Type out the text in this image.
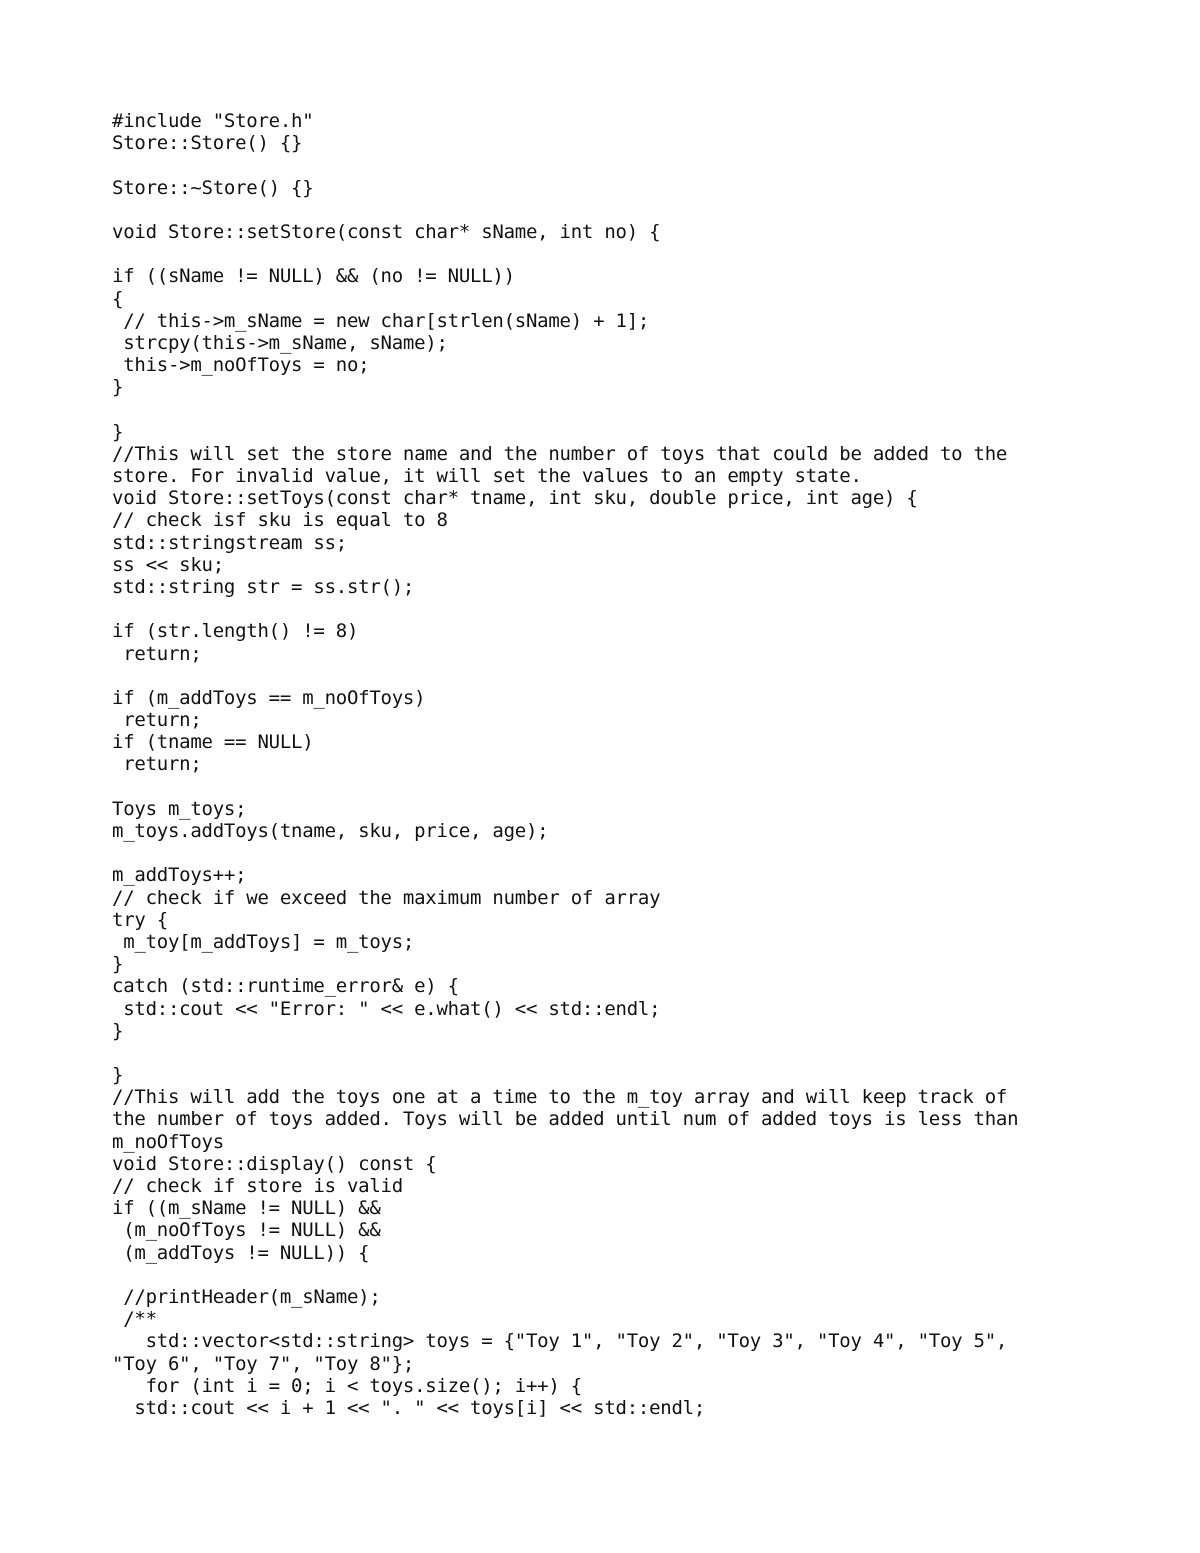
#include "Store.h"
Store::Store() {}
Store::~Store() {}
void Store::setStore(const char* sName, int no) {
if ((sName != NULL) && (no != NULL))
{
// this->m_sName = new char[strlen(sName) + 1];
strcpy(this->m_sName, sName);
this->m_noOfToys = no;
}
}
//This will set the store name and the number of toys that could be added to the
store. For invalid value, it will set the values to an empty state.
void Store::setToys(const char* tname, int sku, double price, int age) {
// check isf sku is equal to 8
std::stringstream ss;
ss << sku;
std::string str = ss.str();
if (str.length() != 8)
return;
if (m_addToys == m_noOfToys)
return;
if (tname == NULL)
return;
Toys m_toys;
m_toys.addToys(tname, sku, price, age);
m_addToys++;
// check if we exceed the maximum number of array
try {
m_toy[m_addToys] = m_toys;
}
catch (std::runtime_error& e) {
std::cout << "Error: " << e.what() << std::endl;
}
}
//This will add the toys one at a time to the m_toy array and will keep track of
the number of toys added. Toys will be added until num of added toys is less than
m_noOfToys
void Store::display() const {
// check if store is valid
if ((m_sName != NULL) &&
(m_noOfToys != NULL) &&
(m_addToys != NULL)) {
//printHeader(m_sName);
/**
std::vector<std::string> toys = {"Toy 1", "Toy 2", "Toy 3", "Toy 4", "Toy 5",
"Toy 6", "Toy 7", "Toy 8"};
for (int i = 0; i < toys.size(); i++) {
std::cout << i + 1 << ". " << toys[i] << std::endl;
